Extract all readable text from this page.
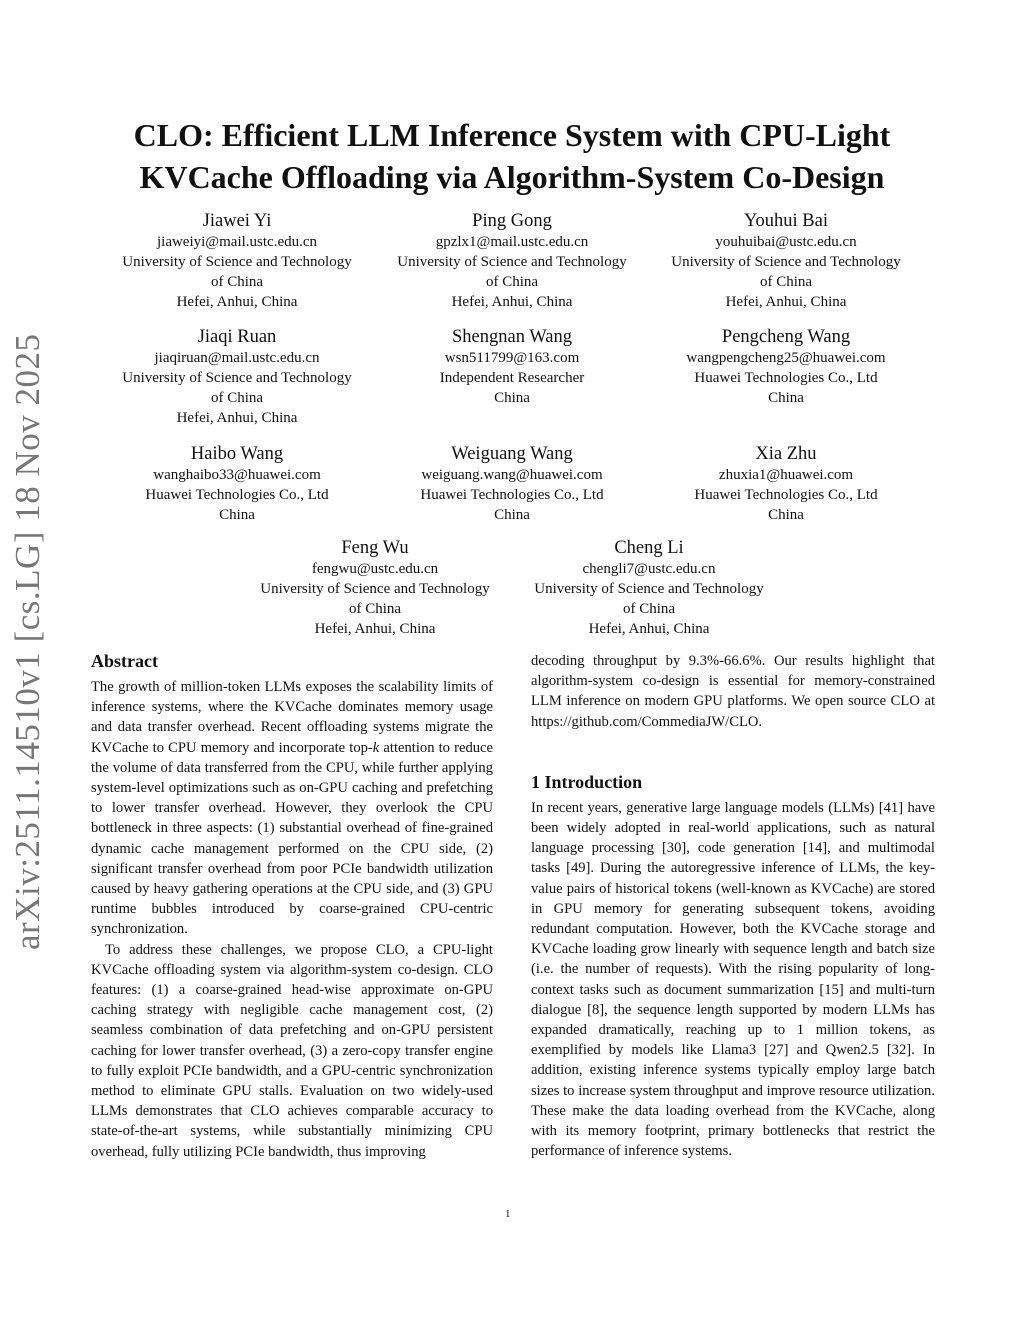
arXiv:2511.14510v1 [cs.LG] 18 Nov 2025
CLO: Efficient LLM Inference System with CPU-Light
KVCache Offloading via Algorithm-System Co-Design
Jiawei Yi
jiaweiyi@mail.ustc.edu.cn
University of Science and Technology
of China
Hefei, Anhui, China
Ping Gong
gpzlx1@mail.ustc.edu.cn
University of Science and Technology
of China
Hefei, Anhui, China
Youhui Bai
youhuibai@ustc.edu.cn
University of Science and Technology
of China
Hefei, Anhui, China
Jiaqi Ruan
jiaqiruan@mail.ustc.edu.cn
University of Science and Technology
of China
Hefei, Anhui, China
Shengnan Wang
wsn511799@163.com
Independent Researcher
China
Pengcheng Wang
wangpengcheng25@huawei.com
Huawei Technologies Co., Ltd
China
Haibo Wang
wanghaibo33@huawei.com
Huawei Technologies Co., Ltd
China
Weiguang Wang
weiguang.wang@huawei.com
Huawei Technologies Co., Ltd
China
Xia Zhu
zhuxia1@huawei.com
Huawei Technologies Co., Ltd
China
Feng Wu
fengwu@ustc.edu.cn
University of Science and Technology
of China
Hefei, Anhui, China
Cheng Li
chengli7@ustc.edu.cn
University of Science and Technology
of China
Hefei, Anhui, China
Abstract

The growth of million-token LLMs exposes the scalability limits of inference systems, where the KVCache dominates memory usage and data transfer overhead. Recent offloading systems migrate the KVCache to CPU memory and incorporate top-k attention to reduce the volume of data transferred from the CPU, while further applying system-level optimizations such as on-GPU caching and prefetching to lower transfer overhead. However, they overlook the CPU bottleneck in three aspects: (1) substantial overhead of fine-grained dynamic cache management performed on the CPU side, (2) significant transfer overhead from poor PCIe bandwidth utilization caused by heavy gathering operations at the CPU side, and (3) GPU runtime bubbles introduced by coarse-grained CPU-centric synchronization.

To address these challenges, we propose CLO, a CPU-light KVCache offloading system via algorithm-system co-design. CLO features: (1) a coarse-grained head-wise approximate on-GPU caching strategy with negligible cache management cost, (2) seamless combination of data prefetching and on-GPU persistent caching for lower transfer overhead, (3) a zero-copy transfer engine to fully exploit PCIe bandwidth, and a GPU-centric synchronization method to eliminate GPU stalls. Evaluation on two widely-used LLMs demonstrates that CLO achieves comparable accuracy to state-of-the-art systems, while substantially minimizing CPU overhead, fully utilizing PCIe bandwidth, thus improving

decoding throughput by 9.3%-66.6%. Our results highlight that algorithm-system co-design is essential for memory-constrained LLM inference on modern GPU platforms. We open source CLO at https://github.com/CommediaJW/CLO.

1 Introduction

In recent years, generative large language models (LLMs) [41] have been widely adopted in real-world applications, such as natural language processing [30], code generation [14], and multimodal tasks [49]. During the autoregressive inference of LLMs, the key-value pairs of historical tokens (well-known as KVCache) are stored in GPU memory for generating subsequent tokens, avoiding redundant computation. However, both the KVCache storage and KVCache loading grow linearly with sequence length and batch size (i.e. the number of requests). With the rising popularity of long-context tasks such as document summarization [15] and multi-turn dialogue [8], the sequence length supported by modern LLMs has expanded dramatically, reaching up to 1 million tokens, as exemplified by models like Llama3 [27] and Qwen2.5 [32]. In addition, existing inference systems typically employ large batch sizes to increase system throughput and improve resource utilization. These make the data loading overhead from the KVCache, along with its memory footprint, primary bottlenecks that restrict the performance of inference systems.

1
